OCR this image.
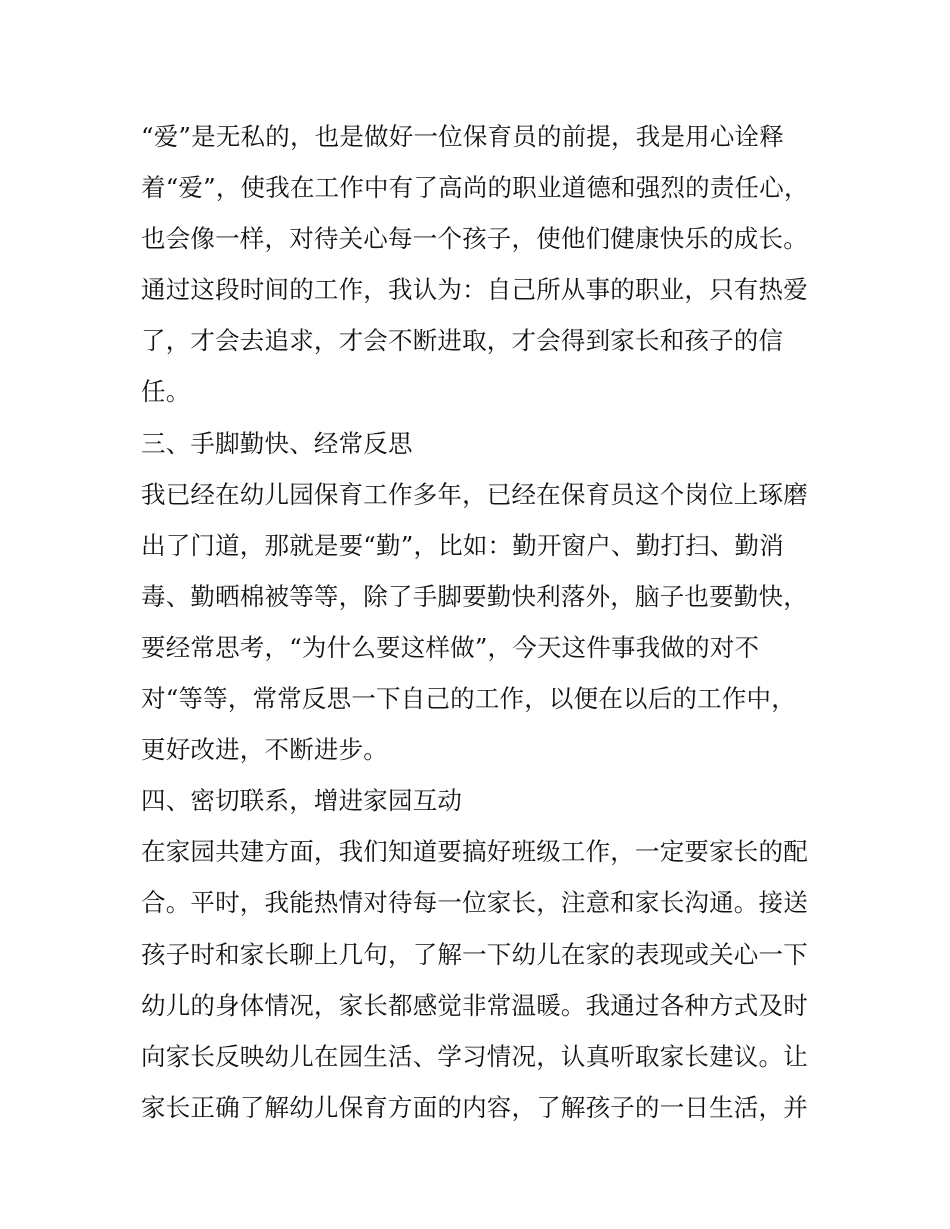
“爱”是无私的，也是做好一位保育员的前提，我是用心诠释
着“爱”，使我在工作中有了高尚的职业道德和强烈的责任心，
也会像一样，对待关心每一个孩子，使他们健康快乐的成长。
通过这段时间的工作，我认为：自己所从事的职业，只有热爱
了，才会去追求，才会不断进取，才会得到家长和孩子的信
任。
三、手脚勤快、经常反思
我已经在幼儿园保育工作多年，已经在保育员这个岗位上琢磨
出了门道，那就是要“勤”，比如：勤开窗户、勤打扫、勤消
毒、勤晒棉被等等，除了手脚要勤快利落外，脑子也要勤快，
要经常思考，“为什么要这样做”，今天这件事我做的对不
对“等等，常常反思一下自己的工作，以便在以后的工作中，
更好改进，不断进步。
四、密切联系，增进家园互动
在家园共建方面，我们知道要搞好班级工作，一定要家长的配
合。平时，我能热情对待每一位家长，注意和家长沟通。接送
孩子时和家长聊上几句，了解一下幼儿在家的表现或关心一下
幼儿的身体情况，家长都感觉非常温暖。我通过各种方式及时
向家长反映幼儿在园生活、学习情况，认真听取家长建议。让
家长正确了解幼儿保育方面的内容，了解孩子的一日生活，并
